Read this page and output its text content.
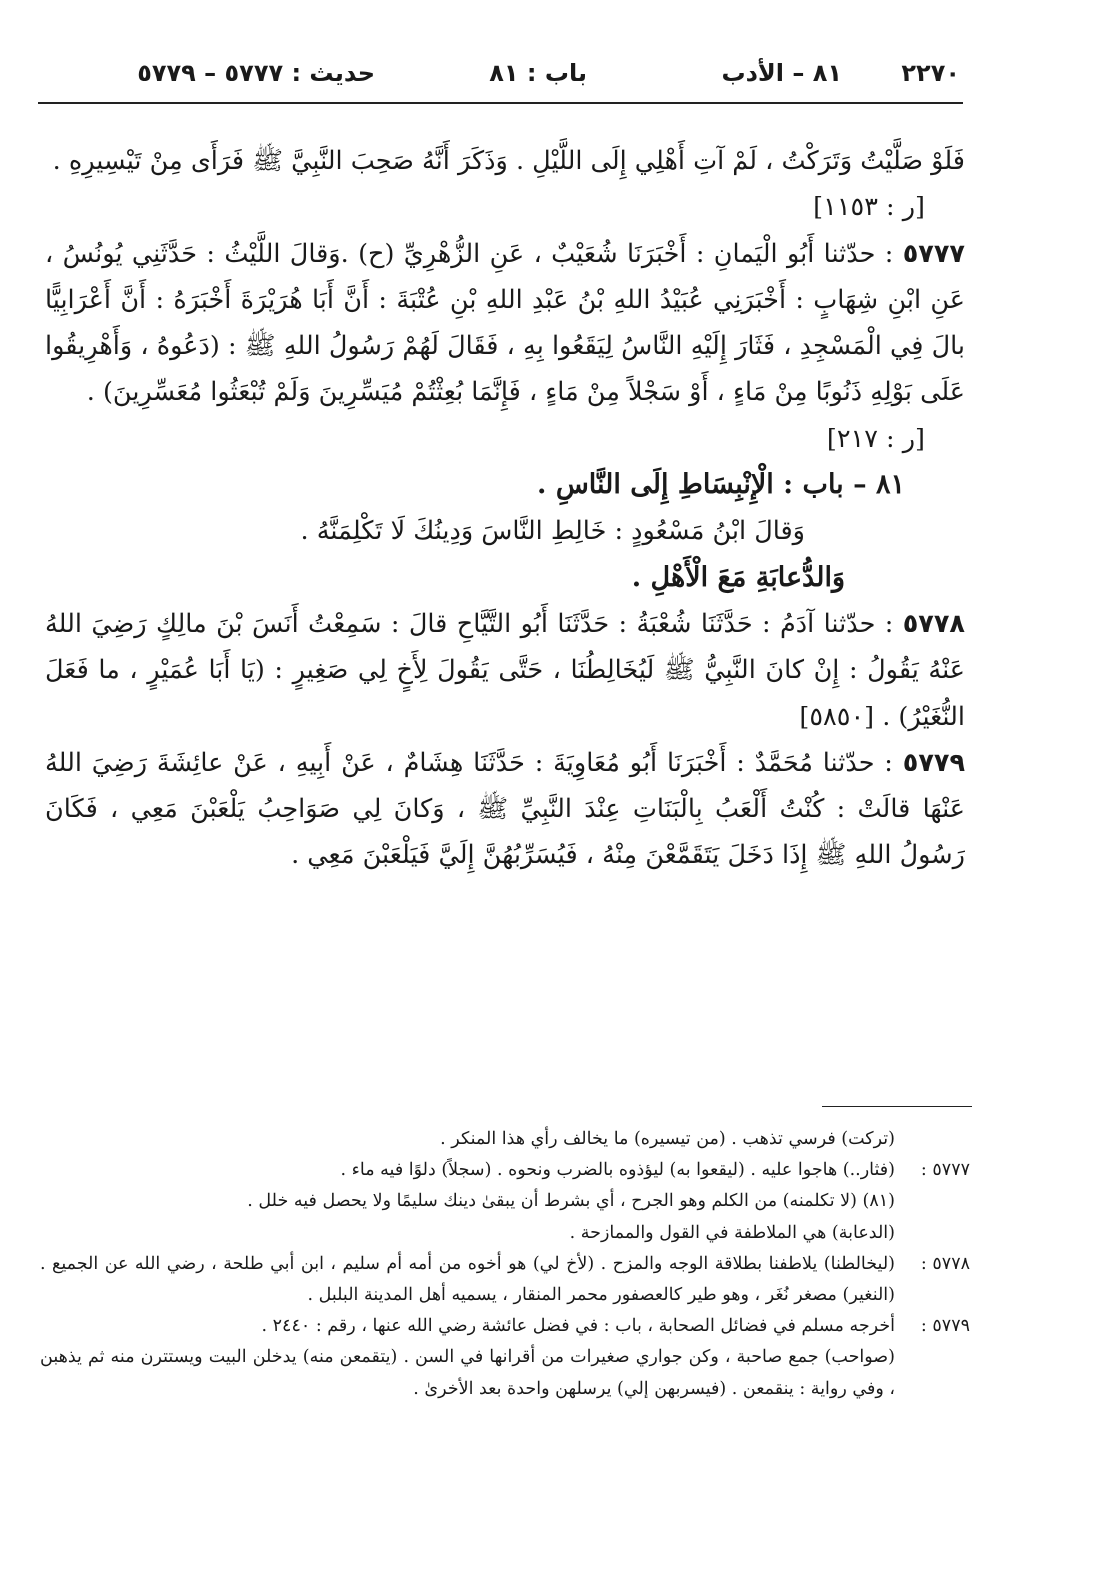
٢٢٧٠
٨١ – الأدب
باب : ٨١
حديث : ٥٧٧٧ – ٥٧٧٩

فَلَوْ صَلَّيْتُ وَتَرَكْتُ ، لَمْ آتِ أَهْلِي إِلَى اللَّيْلِ . وَذَكَرَ أَنَّهُ صَحِبَ النَّبِيَّ ﷺ فَرَأَى مِنْ تَيْسِيرِهِ .

[ر : ١١٥٣]

٥٧٧٧ : حدّثنا أَبُو الْيَمانِ : أَخْبَرَنَا شُعَيْبٌ ، عَنِ الزُّهْرِيِّ (ح) .وَقالَ اللَّيْثُ : حَدَّثَنِي يُونُسُ ، عَنِ ابْنِ شِهَابٍ : أَخْبَرَنِي عُبَيْدُ اللهِ بْنُ عَبْدِ اللهِ بْنِ عُتْبَةَ : أَنَّ أَبَا هُرَيْرَةَ أَخْبَرَهُ : أَنَّ أَعْرَابِيًّا بالَ فِي الْمَسْجِدِ ، فَثَارَ إِلَيْهِ النَّاسُ لِيَقَعُوا بِهِ ، فَقَالَ لَهُمْ رَسُولُ اللهِ ﷺ : (دَعُوهُ ، وَأَهْرِيقُوا عَلَى بَوْلِهِ ذَنُوبًا مِنْ مَاءٍ ، أَوْ سَجْلاً مِنْ مَاءٍ ، فَإِنَّمَا بُعِثْتُمْ مُيَسِّرِينَ وَلَمْ تُبْعَثُوا مُعَسِّرِينَ) .

[ر : ٢١٧]
٨١ – باب : الْإِنْبِسَاطِ إِلَى النَّاسِ .
وَقالَ ابْنُ مَسْعُودٍ : خَالِطِ النَّاسَ وَدِينُكَ لَا تَكْلِمَنَّهُ .
وَالدُّعابَةِ مَعَ الْأَهْلِ .

٥٧٧٨ : حدّثنا آدَمُ : حَدَّثَنَا شُعْبَةُ : حَدَّثَنَا أَبُو التَّيَّاحِ قالَ : سَمِعْتُ أَنَسَ بْنَ مالِكٍ رَضِيَ اللهُ عَنْهُ يَقُولُ : إِنْ كانَ النَّبِيُّ ﷺ لَيُخَالِطُنَا ، حَتَّى يَقُولَ لِأَخٍ لِي صَغِيرٍ : (يَا أَبَا عُمَيْرٍ ، ما فَعَلَ النُّغَيْرُ) . [٥٨٥٠]

٥٧٧٩ : حدّثنا مُحَمَّدٌ : أَخْبَرَنَا أَبُو مُعَاوِيَةَ : حَدَّثَنَا هِشَامٌ ، عَنْ أَبِيهِ ، عَنْ عائِشَةَ رَضِيَ اللهُ عَنْهَا قالَتْ : كُنْتُ أَلْعَبُ بِالْبَنَاتِ عِنْدَ النَّبِيِّ ﷺ ، وَكانَ لِي صَوَاحِبُ يَلْعَبْنَ مَعِي ، فَكَانَ رَسُولُ اللهِ ﷺ إِذَا دَخَلَ يَتَقَمَّعْنَ مِنْهُ ، فَيُسَرِّبُهُنَّ إِلَيَّ فَيَلْعَبْنَ مَعِي .

(تركت) فرسي تذهب . (من تيسيره) ما يخالف رأي هذا المنكر .
٥٧٧٧ :
(فثار..) هاجوا عليه . (ليقعوا به) ليؤذوه بالضرب ونحوه . (سجلاً) دلوًا فيه ماء .
(٨١) (لا تكلمنه) من الكلم وهو الجرح ، أي بشرط أن يبقىٰ دينك سليمًا ولا يحصل فيه خلل .
(الدعابة) هي الملاطفة في القول والممازحة .
٥٧٧٨ :
(ليخالطنا) يلاطفنا بطلاقة الوجه والمزح . (لأخ لي) هو أخوه من أمه أم سليم ، ابن أبي طلحة ، رضي الله عن الجميع . (النغير) مصغر نُغَر ، وهو طير كالعصفور محمر المنقار ، يسميه أهل المدينة البلبل .
٥٧٧٩ :
أخرجه مسلم في فضائل الصحابة ، باب : في فضل عائشة رضي الله عنها ، رقم : ٢٤٤٠ .
(صواحب) جمع صاحبة ، وكن جواري صغيرات من أقرانها في السن . (يتقمعن منه) يدخلن البيت ويستترن منه ثم يذهبن ، وفي رواية : ينقمعن . (فيسربهن إلي) يرسلهن واحدة بعد الأخرىٰ .
